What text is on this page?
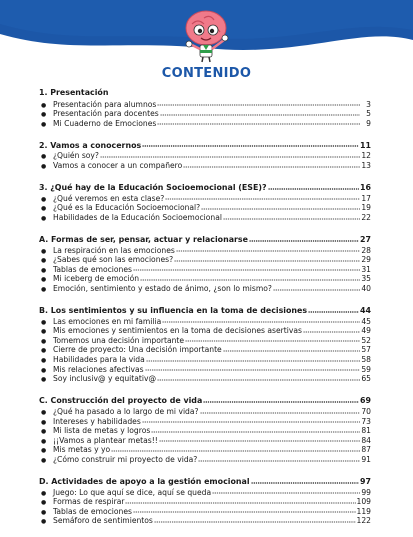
CONTENIDO
1. Presentación
● Presentación para alumnos	3
● Presentación para docentes	5
● Mi Cuaderno de Emociones	9
2. Vamos a conocernos	11
● ¿Quién soy?	12
● Vamos a conocer a un compañero	13
3. ¿Qué hay de la Educación Socioemocional (ESE)?	16
● ¿Qué veremos en esta clase?	17
● ¿Qué es la Educación Socioemocional?	19
● Habilidades de la Educación Socioemocional	22
A. Formas de ser, pensar, actuar y relacionarse	27
● La respiración en las emociones	28
● ¿Sabes qué son las emociones?	29
● Tablas de emociones	31
● Mi iceberg de emoción	35
● Emoción, sentimiento y estado de ánimo, ¿son lo mismo?	40
B. Los sentimientos y su influencia en la toma de decisiones	44
● Las emociones en mi familia	45
● Mis emociones y sentimientos en la toma de decisiones asertivas	49
● Tomemos una decisión importante	52
● Cierre de proyecto: Una decisión importante	57
● Habilidades para la vida	58
● Mis relaciones afectivas	59
● Soy inclusiv@ y equitativ@	65
C. Construcción del proyecto de vida	69
● ¿Qué ha pasado a lo largo de mi vida?	70
● Intereses y habilidades	73
● Mi lista de metas y logros	81
● ¡¡Vamos a plantear metas!!	84
● Mis metas y yo	87
● ¿Cómo construir mi proyecto de vida?	91
D. Actividades de apoyo a la gestión emocional	97
● Juego: Lo que aquí se dice, aquí se queda	99
● Formas de respirar	109
● Tablas de emociones	119
● Semáforo de sentimientos	122
